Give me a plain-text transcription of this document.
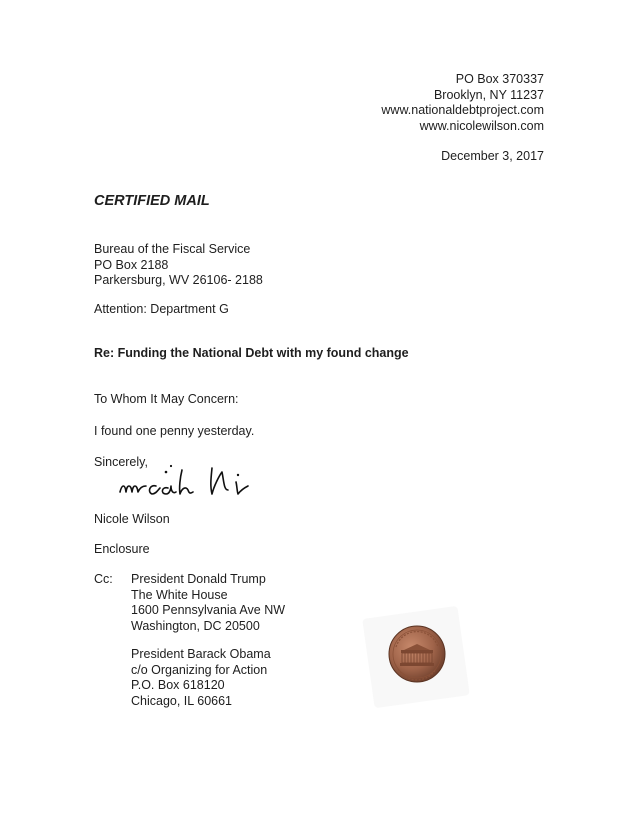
PO Box 370337
Brooklyn, NY 11237
www.nationaldebtproject.com
www.nicolewilson.com
December 3, 2017
CERTIFIED MAIL
Bureau of the Fiscal Service
PO Box 2188
Parkersburg, WV 26106- 2188
Attention: Department G
Re: Funding the National Debt with my found change
To Whom It May Concern:
I found one penny yesterday.
Sincerely,
Nicole Wilson
Enclosure
Cc: President Donald Trump
The White House
1600 Pennsylvania Ave NW
Washington, DC 20500
President Barack Obama
c/o Organizing for Action
P.O. Box 618120
Chicago, IL 60661
